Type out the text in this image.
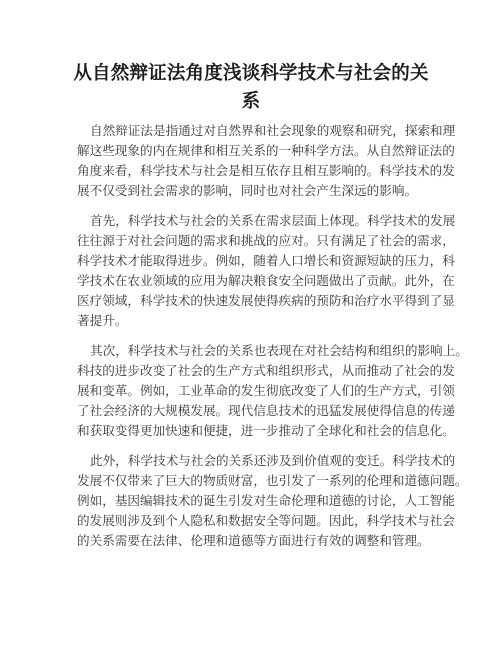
从自然辩证法角度浅谈科学技术与社会的关系
自然辩证法是指通过对自然界和社会现象的观察和研究，探索和理
解这些现象的内在规律和相互关系的一种科学方法。从自然辩证法的
角度来看，科学技术与社会是相互依存且相互影响的。科学技术的发
展不仅受到社会需求的影响，同时也对社会产生深远的影响。
首先，科学技术与社会的关系在需求层面上体现。科学技术的发展
往往源于对社会问题的需求和挑战的应对。只有满足了社会的需求，
科学技术才能取得进步。例如，随着人口增长和资源短缺的压力，科
学技术在农业领域的应用为解决粮食安全问题做出了贡献。此外，在
医疗领域，科学技术的快速发展使得疾病的预防和治疗水平得到了显
著提升。
其次，科学技术与社会的关系也表现在对社会结构和组织的影响上。
科技的进步改变了社会的生产方式和组织形式，从而推动了社会的发
展和变革。例如，工业革命的发生彻底改变了人们的生产方式，引领
了社会经济的大规模发展。现代信息技术的迅猛发展使得信息的传递
和获取变得更加快速和便捷，进一步推动了全球化和社会的信息化。
此外，科学技术与社会的关系还涉及到价值观的变迁。科学技术的
发展不仅带来了巨大的物质财富，也引发了一系列的伦理和道德问题。
例如，基因编辑技术的诞生引发对生命伦理和道德的讨论，人工智能
的发展则涉及到个人隐私和数据安全等问题。因此，科学技术与社会
的关系需要在法律、伦理和道德等方面进行有效的调整和管理。
